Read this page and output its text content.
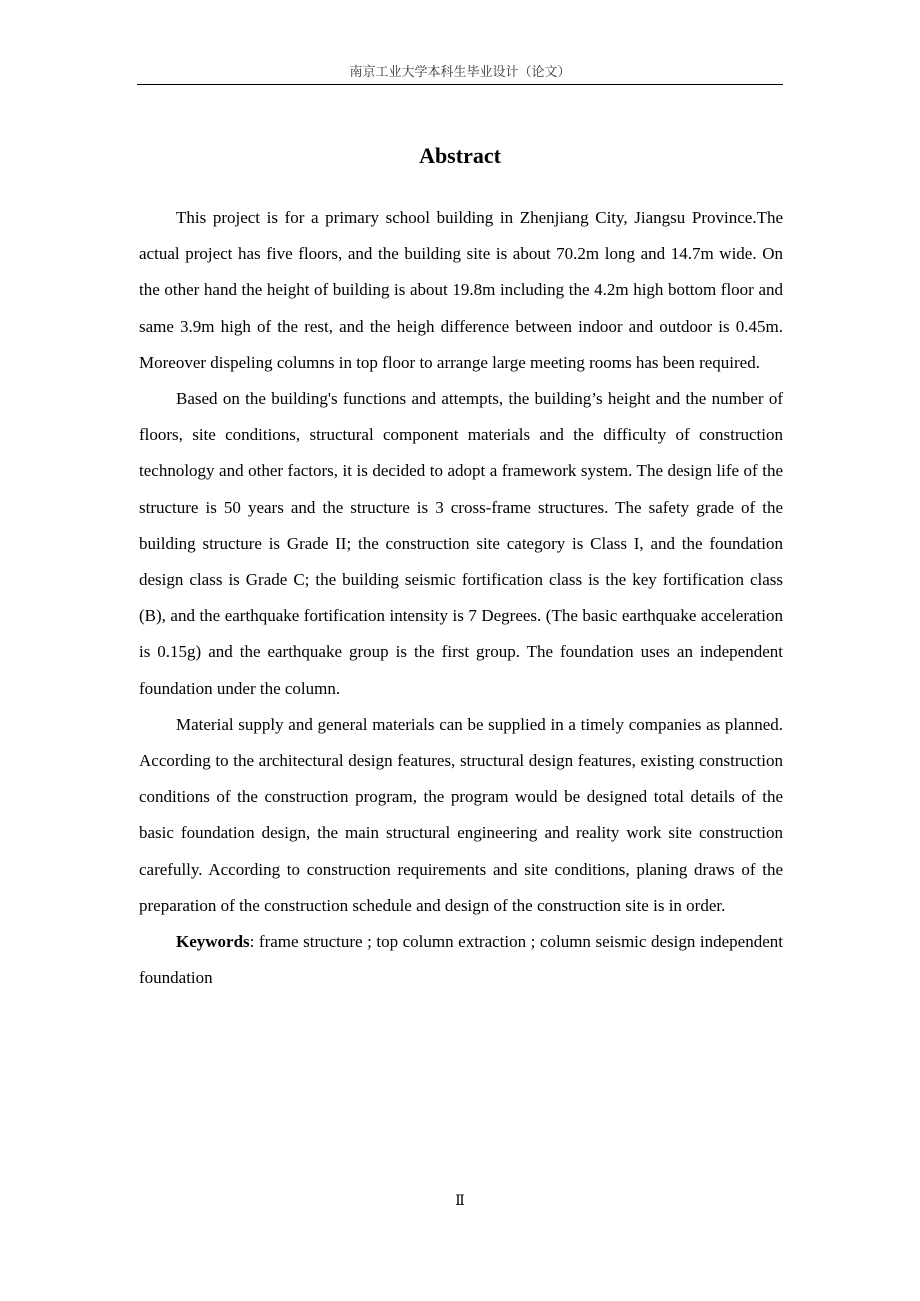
南京工业大学本科生毕业设计（论文）
Abstract

This project is for a primary school building in Zhenjiang City, Jiangsu Province.The actual project has five floors, and the building site is about 70.2m long and 14.7m wide. On the other hand the height of building is about 19.8m including the 4.2m high bottom floor and same 3.9m high of the rest, and the heigh difference between indoor and outdoor is 0.45m. Moreover dispeling columns in top floor to arrange large meeting rooms has been required.

Based on the building's functions and attempts, the building’s height and the number of floors, site conditions, structural component materials and the difficulty of construction technology and other factors, it is decided to adopt a framework system. The design life of the structure is 50 years and the structure is 3 cross-frame structures. The safety grade of the building structure is Grade II; the construction site category is Class I, and the foundation design class is Grade C; the building seismic fortification class is the key fortification class (B), and the earthquake fortification intensity is 7 Degrees. (The basic earthquake acceleration is 0.15g) and the earthquake group is the first group. The foundation uses an independent foundation under the column.

Material supply and general materials can be supplied in a timely companies as planned. According to the architectural design features, structural design features, existing construction conditions of the construction program, the program would be designed total details of the basic foundation design, the main structural engineering and reality work site construction carefully. According to construction requirements and site conditions, planing draws of the preparation of the construction schedule and design of the construction site is in order.

Keywords: frame structure ; top column extraction ; column seismic design independent foundation

Ⅱ
